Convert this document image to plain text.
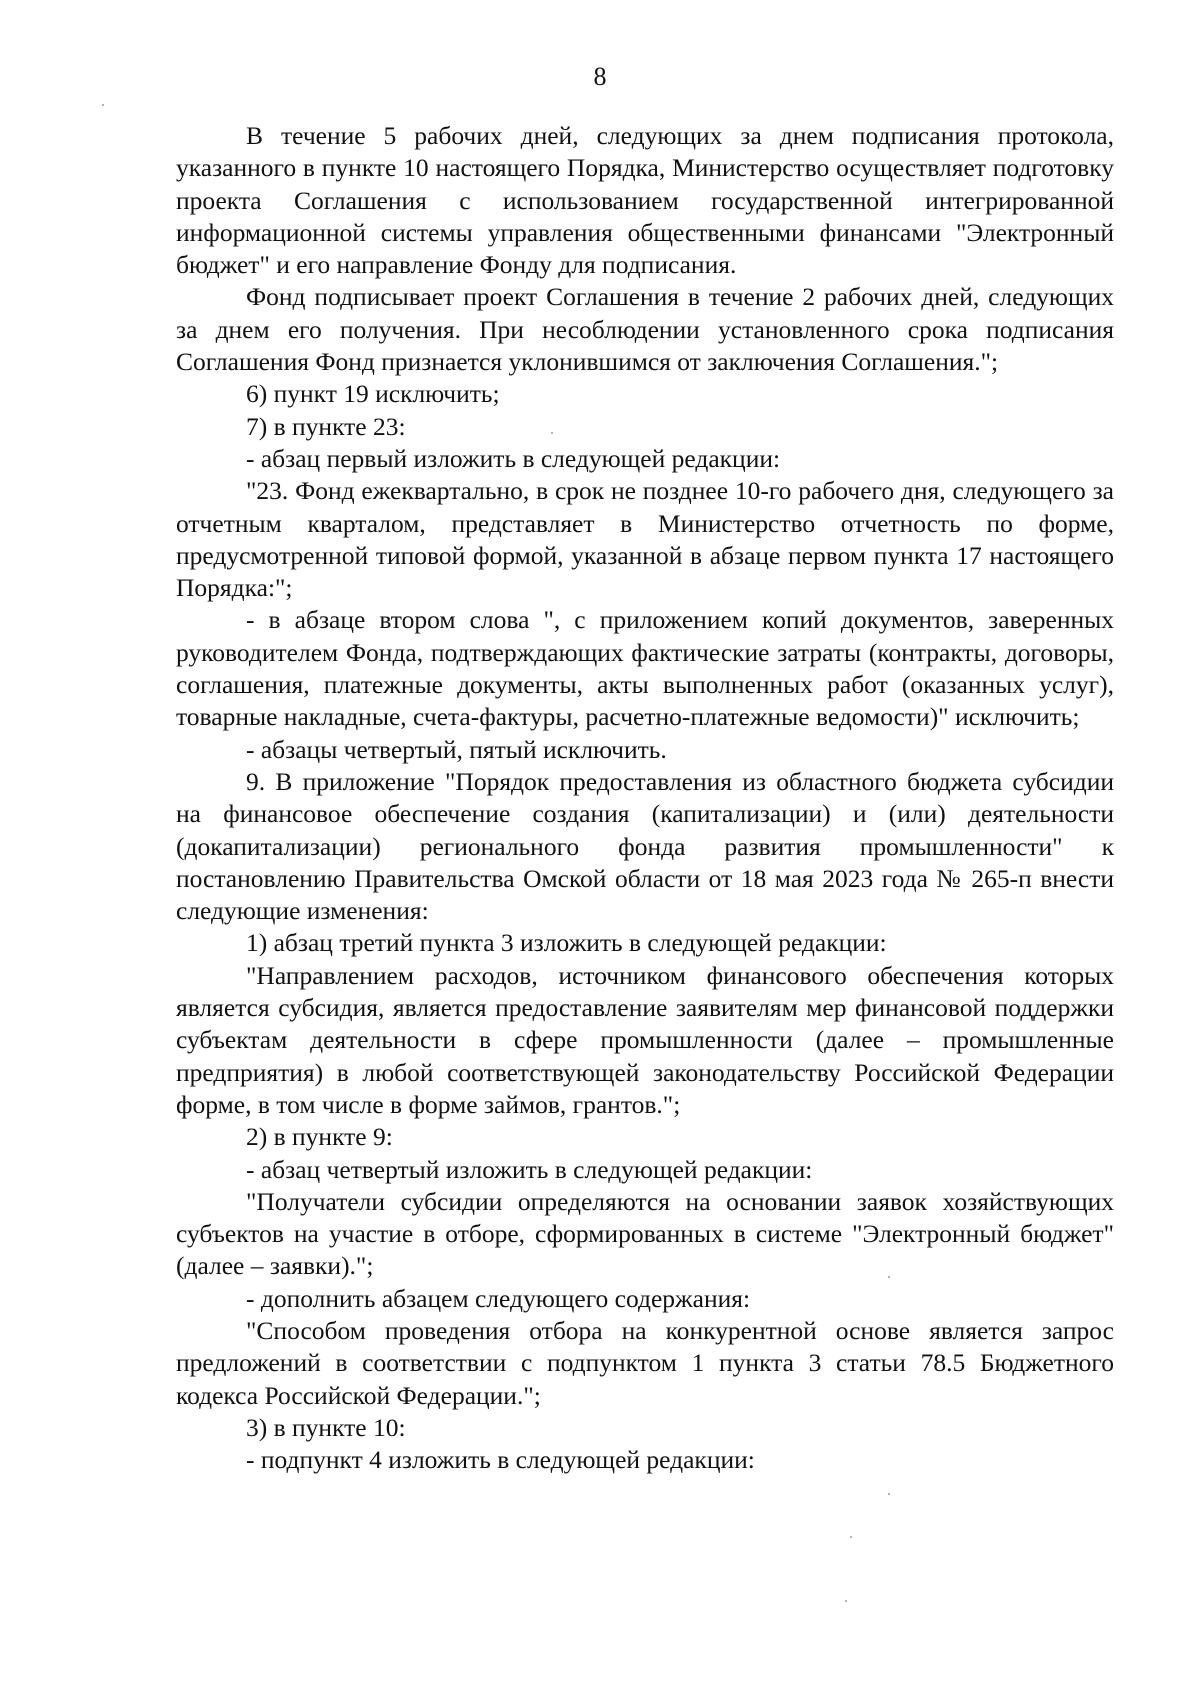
8

В течение 5 рабочих дней, следующих за днем подписания протокола, указанного в пункте 10 настоящего Порядка, Министерство осуществляет подготовку проекта Соглашения с использованием государственной интегрированной информационной системы управления общественными финансами "Электронный бюджет" и его направление Фонду для подписания.

Фонд подписывает проект Соглашения в течение 2 рабочих дней, следующих за днем его получения. При несоблюдении установленного срока подписания Соглашения Фонд признается уклонившимся от заключения Соглашения.";

6) пункт 19 исключить;

7) в пункте 23:

- абзац первый изложить в следующей редакции:

"23. Фонд ежеквартально, в срок не позднее 10-го рабочего дня, следующего за отчетным кварталом, представляет в Министерство отчетность по форме, предусмотренной типовой формой, указанной в абзаце первом пункта 17 настоящего Порядка:";

- в абзаце втором слова ", с приложением копий документов, заверенных руководителем Фонда, подтверждающих фактические затраты (контракты, договоры, соглашения, платежные документы, акты выполненных работ (оказанных услуг), товарные накладные, счета-фактуры, расчетно-платежные ведомости)" исключить;

- абзацы четвертый, пятый исключить.

9. В приложение "Порядок предоставления из областного бюджета субсидии на финансовое обеспечение создания (капитализации) и (или) деятельности (докапитализации) регионального фонда развития промышленности" к постановлению Правительства Омской области от 18 мая 2023 года № 265-п внести следующие изменения:

1) абзац третий пункта 3 изложить в следующей редакции:

"Направлением расходов, источником финансового обеспечения которых является субсидия, является предоставление заявителям мер финансовой поддержки субъектам деятельности в сфере промышленности (далее – промышленные предприятия) в любой соответствующей законодательству Российской Федерации форме, в том числе в форме займов, грантов.";

2) в пункте 9:

- абзац четвертый изложить в следующей редакции:

"Получатели субсидии определяются на основании заявок хозяйствующих субъектов на участие в отборе, сформированных в системе "Электронный бюджет" (далее – заявки).";

- дополнить абзацем следующего содержания:

"Способом проведения отбора на конкурентной основе является запрос предложений в соответствии с подпунктом 1 пункта 3 статьи 78.5 Бюджетного кодекса Российской Федерации.";

3) в пункте 10:

- подпункт 4 изложить в следующей редакции:
